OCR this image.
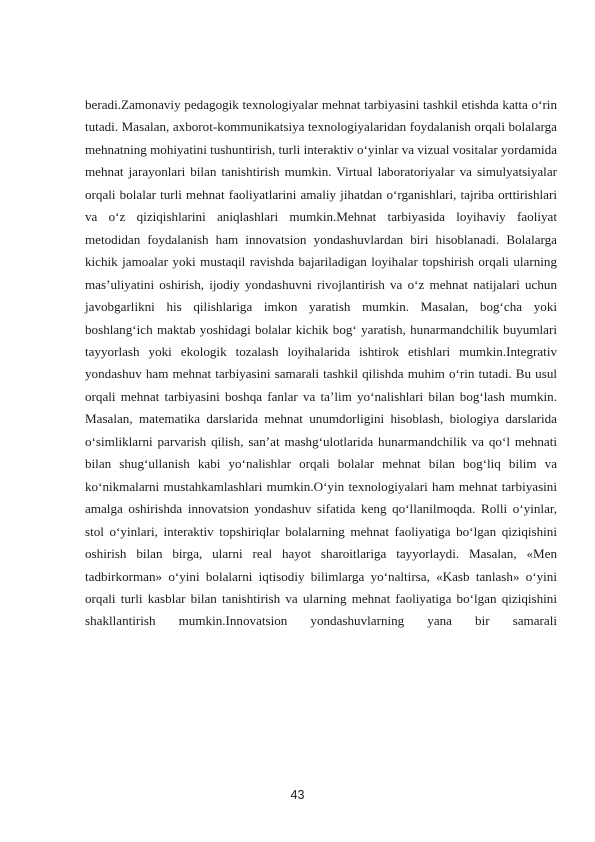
beradi.Zamonaviy pedagogik texnologiyalar mehnat tarbiyasini tashkil etishda katta o‘rin tutadi. Masalan, axborot-kommunikatsiya texnologiyalaridan foydalanish orqali bolalarga mehnatning mohiyatini tushuntirish, turli interaktiv o‘yinlar va vizual vositalar yordamida mehnat jarayonlari bilan tanishtirish mumkin. Virtual laboratoriyalar va simulyatsiyalar orqali bolalar turli mehnat faoliyatlarini amaliy jihatdan o‘rganishlari, tajriba orttirishlari va o‘z qiziqishlarini aniqlashlari mumkin.Mehnat tarbiyasida loyihaviy faoliyat metodidan foydalanish ham innovatsion yondashuvlardan biri hisoblanadi. Bolalarga kichik jamoalar yoki mustaqil ravishda bajariladigan loyihalar topshirish orqali ularning mas’uliyatini oshirish, ijodiy yondashuvni rivojlantirish va o‘z mehnat natijalari uchun javobgarlikni his qilishlariga imkon yaratish mumkin. Masalan, bog‘cha yoki boshlang‘ich maktab yoshidagi bolalar kichik bog‘ yaratish, hunarmandchilik buyumlari tayyorlash yoki ekologik tozalash loyihalarida ishtirok etishlari mumkin.Integrativ yondashuv ham mehnat tarbiyasini samarali tashkil qilishda muhim o‘rin tutadi. Bu usul orqali mehnat tarbiyasini boshqa fanlar va ta’lim yo‘nalishlari bilan bog‘lash mumkin. Masalan, matematika darslarida mehnat unumdorligini hisoblash, biologiya darslarida o‘simliklarni parvarish qilish, san’at mashg‘ulotlarida hunarmandchilik va qo‘l mehnati bilan shug‘ullanish kabi yo‘nalishlar orqali bolalar mehnat bilan bog‘liq bilim va ko‘nikmalarni mustahkamlashlari mumkin.O‘yin texnologiyalari ham mehnat tarbiyasini amalga oshirishda innovatsion yondashuv sifatida keng qo‘llanilmoqda. Rolli o‘yinlar, stol o‘yinlari, interaktiv topshiriqlar bolalarning mehnat faoliyatiga bo‘lgan qiziqishini oshirish bilan birga, ularni real hayot sharoitlariga tayyorlaydi. Masalan, «Men tadbirkorman» o‘yini bolalarni iqtisodiy bilimlarga yo‘naltirsa, «Kasb tanlash» o‘yini orqali turli kasblar bilan tanishtirish va ularning mehnat faoliyatiga bo‘lgan qiziqishini shakllantirish mumkin.Innovatsion yondashuvlarning yana bir samarali

43
